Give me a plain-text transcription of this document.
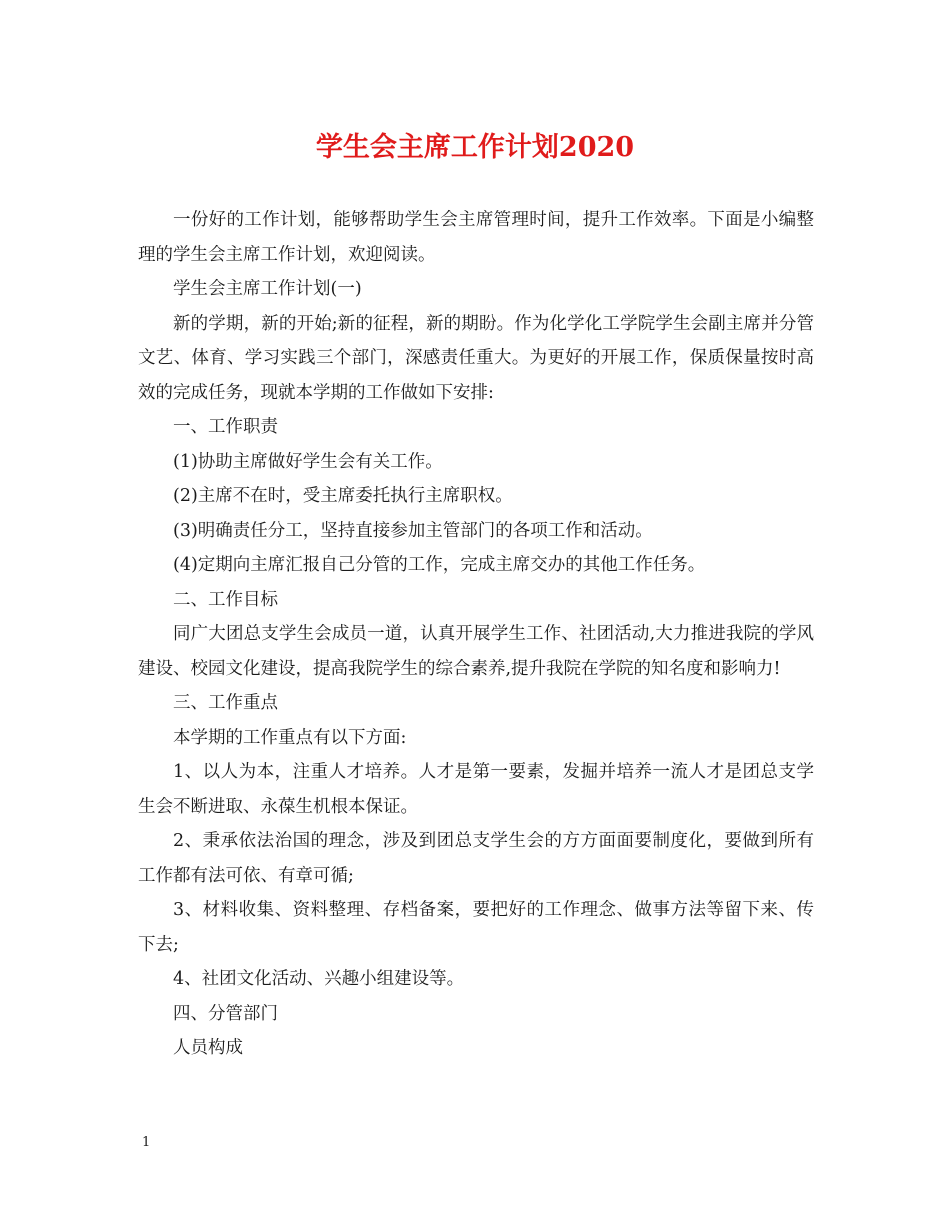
学生会主席工作计划2020

一份好的工作计划，能够帮助学生会主席管理时间，提升工作效率。下面是小编整理的学生会主席工作计划，欢迎阅读。

学生会主席工作计划(一)

新的学期，新的开始;新的征程，新的期盼。作为化学化工学院学生会副主席并分管文艺、体育、学习实践三个部门，深感责任重大。为更好的开展工作，保质保量按时高效的完成任务，现就本学期的工作做如下安排:

一、工作职责

(1)协助主席做好学生会有关工作。

(2)主席不在时，受主席委托执行主席职权。

(3)明确责任分工，坚持直接参加主管部门的各项工作和活动。

(4)定期向主席汇报自己分管的工作，完成主席交办的其他工作任务。

二、工作目标

同广大团总支学生会成员一道，认真开展学生工作、社团活动,大力推进我院的学风建设、校园文化建设，提高我院学生的综合素养,提升我院在学院的知名度和影响力!

三、工作重点

本学期的工作重点有以下方面:

1、以人为本，注重人才培养。人才是第一要素，发掘并培养一流人才是团总支学生会不断进取、永葆生机根本保证。

2、秉承依法治国的理念，涉及到团总支学生会的方方面面要制度化，要做到所有工作都有法可依、有章可循;

3、材料收集、资料整理、存档备案，要把好的工作理念、做事方法等留下来、传下去;

4、社团文化活动、兴趣小组建设等。

四、分管部门

人员构成

1
